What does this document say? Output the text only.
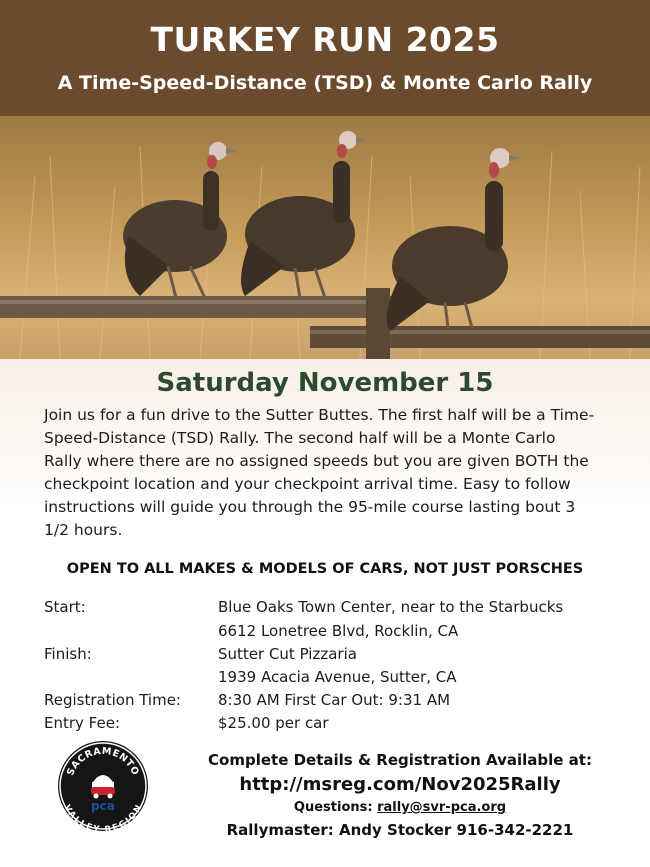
TURKEY RUN 2025
A Time-Speed-Distance (TSD) & Monte Carlo Rally
Saturday November 15
Join us for a fun drive to the Sutter Buttes. The first half will be a Time-
Speed-Distance (TSD) Rally. The second half will be a Monte Carlo
Rally where there are no assigned speeds but you are given BOTH the
checkpoint location and your checkpoint arrival time. Easy to follow
instructions will guide you through the 95-mile course lasting bout 3
1/2 hours.
OPEN TO ALL MAKES & MODELS OF CARS, NOT JUST PORSCHES
Start:	Blue Oaks Town Center, near to the Starbucks
6612 Lonetree Blvd, Rocklin, CA
Finish:	Sutter Cut Pizzaria
1939 Acacia Avenue, Sutter, CA
Registration Time: 8:30 AM First Car Out: 9:31 AM
Entry Fee:	$25.00 per car
SACRAMENTO
VALLEY REGION
pca
Complete Details & Registration Available at:
http://msreg.com/Nov2025Rally
Questions: rally@svr-pca.org
Rallymaster: Andy Stocker 916-342-2221
